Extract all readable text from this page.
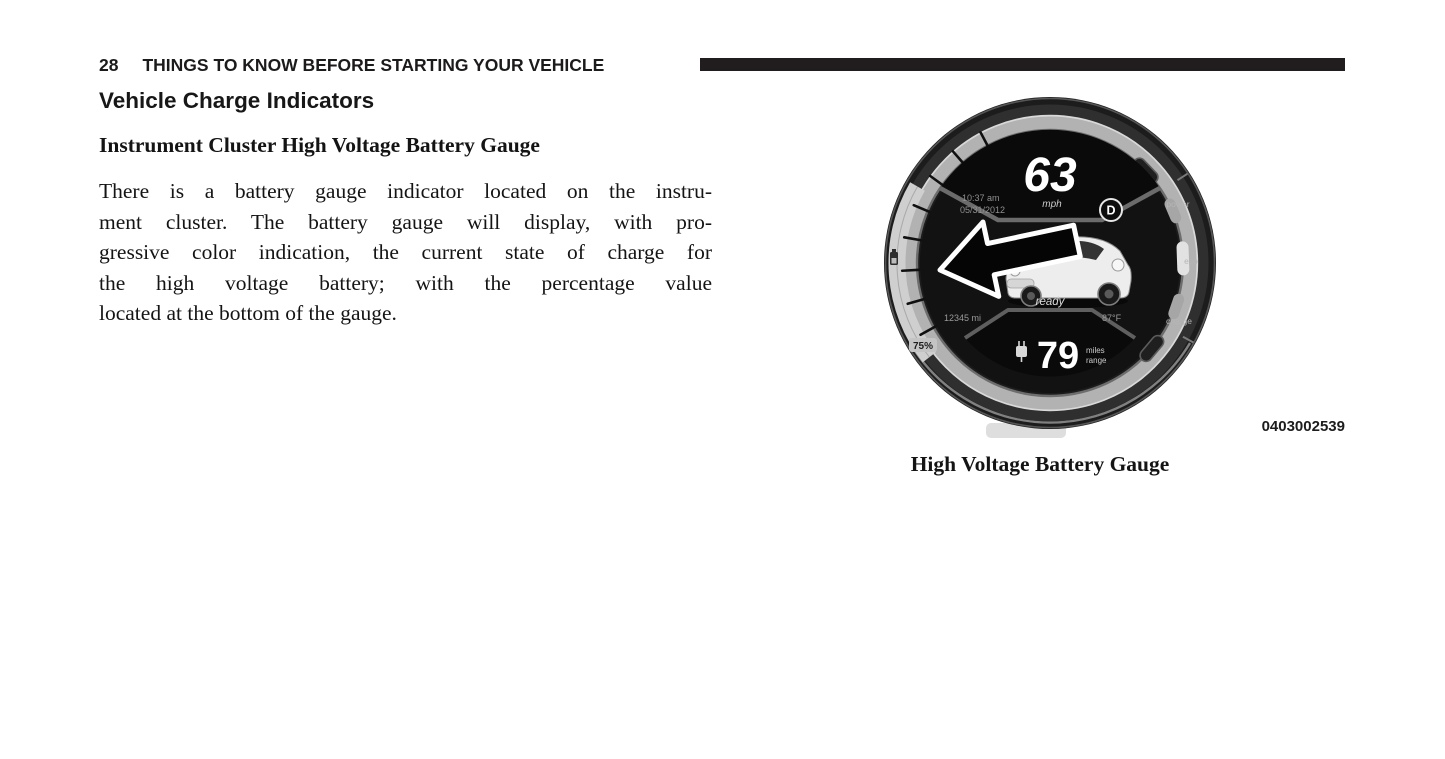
28 THINGS TO KNOW BEFORE STARTING YOUR VEHICLE
Vehicle Charge Indicators
Instrument Cluster High Voltage Battery Gauge
There is a battery gauge indicator located on the instru-
ment cluster. The battery gauge will display, with pro-
gressive color indication, the current state of charge for
the high voltage battery; with the percentage value
located at the bottom of the gauge.
75%
power
eco
charge
63
mph
10:37 am
05/31/2012	D
ready
79 miles
range
12345 mi	87°F
0403002539
High Voltage Battery Gauge
